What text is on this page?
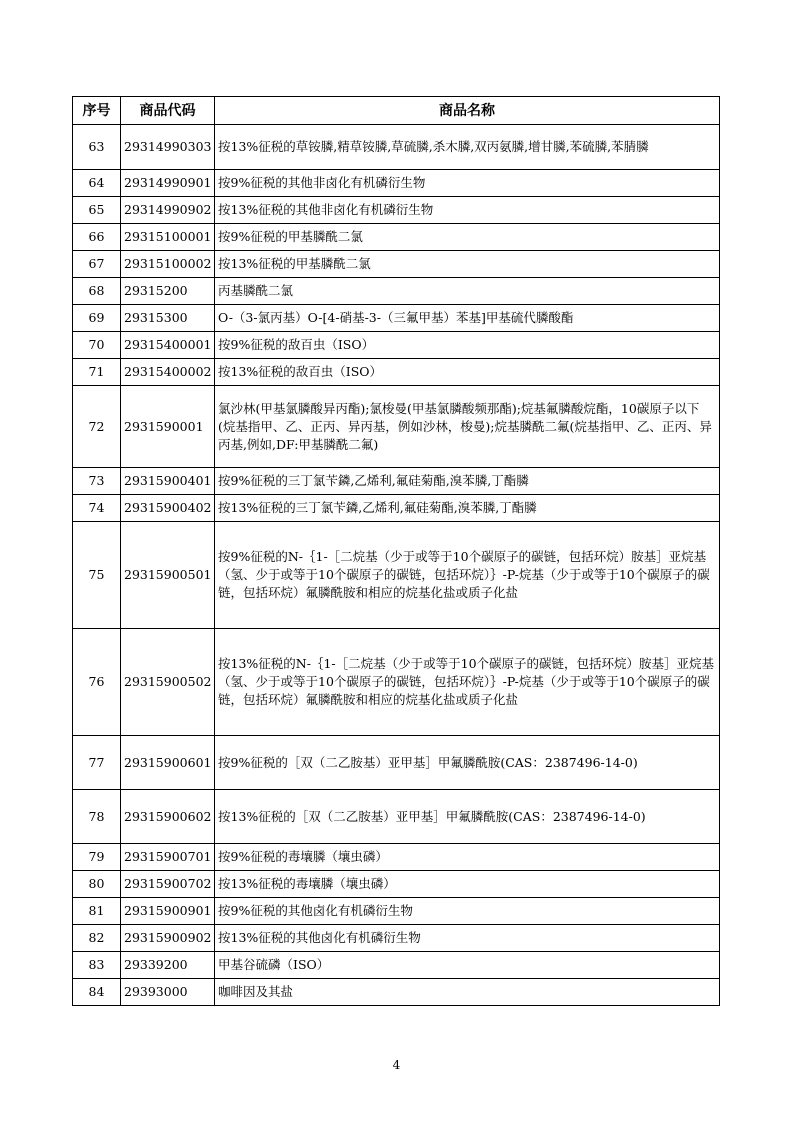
序号	商品代码	商品名称
63	29314990303	按13%征税的草铵膦,精草铵膦,草硫膦,杀木膦,双丙氨膦,增甘膦,苯硫膦,苯腈膦
64	29314990901	按9%征税的其他非卤化有机磷衍生物
65	29314990902	按13%征税的其他非卤化有机磷衍生物
66	29315100001	按9%征税的甲基膦酰二氯
67	29315100002	按13%征税的甲基膦酰二氯
68	29315200	丙基膦酰二氯
69	29315300	O-（3-氯丙基）O-[4-硝基-3-（三氟甲基）苯基]甲基硫代膦酸酯
70	29315400001	按9%征税的敌百虫（ISO）
71	29315400002	按13%征税的敌百虫（ISO）
72	2931590001	氯沙林(甲基氯膦酸异丙酯);氯梭曼(甲基氯膦酸频那酯);烷基氟膦酸烷酯，10碳原子以下(烷基指甲、乙、正丙、异丙基，例如沙林，梭曼);烷基膦酰二氟(烷基指甲、乙、正丙、异丙基,例如,DF:甲基膦酰二氟)
73	29315900401	按9%征税的三丁氯苄鏻,乙烯利,氟硅菊酯,溴苯膦,丁酯膦
74	29315900402	按13%征税的三丁氯苄鏻,乙烯利,氟硅菊酯,溴苯膦,丁酯膦
75	29315900501	按9%征税的N-｛1-［二烷基（少于或等于10个碳原子的碳链，包括环烷）胺基］亚烷基（氢、少于或等于10个碳原子的碳链，包括环烷）｝-P-烷基（少于或等于10个碳原子的碳链，包括环烷）氟膦酰胺和相应的烷基化盐或质子化盐
76	29315900502	按13%征税的N-｛1-［二烷基（少于或等于10个碳原子的碳链，包括环烷）胺基］亚烷基（氢、少于或等于10个碳原子的碳链，包括环烷）｝-P-烷基（少于或等于10个碳原子的碳链，包括环烷）氟膦酰胺和相应的烷基化盐或质子化盐
77	29315900601	按9%征税的［双（二乙胺基）亚甲基］甲氟膦酰胺(CAS：2387496-14-0)
78	29315900602	按13%征税的［双（二乙胺基）亚甲基］甲氟膦酰胺(CAS：2387496-14-0)
79	29315900701	按9%征税的毒壤膦（壤虫磷）
80	29315900702	按13%征税的毒壤膦（壤虫磷）
81	29315900901	按9%征税的其他卤化有机磷衍生物
82	29315900902	按13%征税的其他卤化有机磷衍生物
83	29339200	甲基谷硫磷（ISO）
84	29393000	咖啡因及其盐
4
